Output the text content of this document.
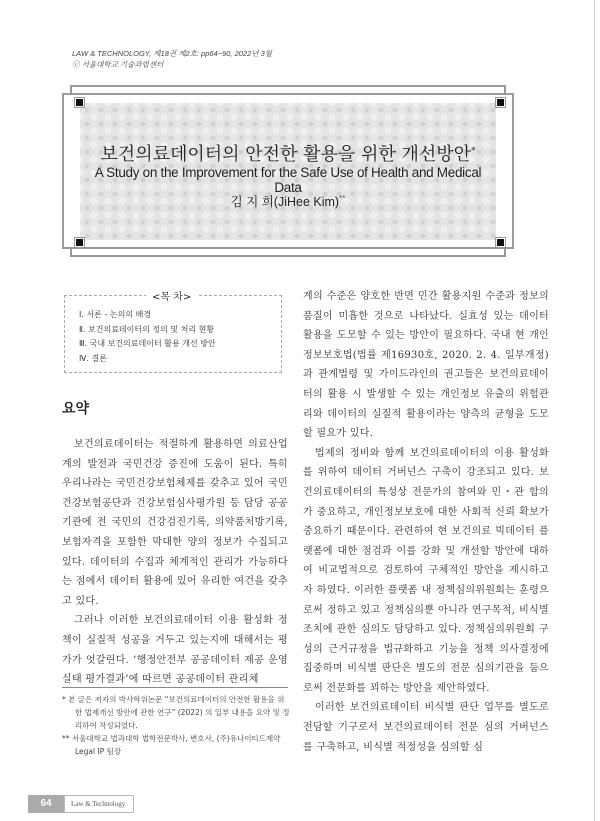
LAW & TECHNOLOGY, 제18권 제2호: pp64~90, 2022년 3월
ⓒ 서울대학교 기술과법센터
보건의료데이터의 안전한 활용을 위한 개선방안*
A Study on the Improvement for the Safe Use of Health and Medical Data
김 지 희(JiHee Kim)**
Ⅰ. 서론 - 논의의 배경
Ⅱ. 보건의료데이터의 정의 및 처리 현황
Ⅲ. 국내 보건의료데이터 활용 개선 방안
Ⅳ. 결론
<목 차>
요약

보건의료데이터는 적절하게 활용하면 의료산업계의 발전과 국민건강 증진에 도움이 된다. 특히 우리나라는 국민건강보험체제를 갖추고 있어 국민건강보험공단과 건강보험심사평가원 등 담당 공공기관에 전 국민의 건강검진기록, 의약품처방기록, 보험자격을 포함한 막대한 양의 정보가 수집되고 있다. 데이터의 수집과 체계적인 관리가 가능하다는 점에서 데이터 활용에 있어 유리한 여건을 갖추고 있다.

그러나 이러한 보건의료데이터 이용 활성화 정책이 실질적 성공을 거두고 있는지에 대해서는 평가가 엇갈린다. ‘행정안전부 공공데이터 제공 운영실태 평가결과’에 따르면 공공데이터 관리체

계의 수준은 양호한 반면 민간 활용지원 수준과 정보의 품질이 미흡한 것으로 나타났다. 실효성 있는 데이터 활용을 도모할 수 있는 방안이 필요하다. 국내 현 개인정보보호법(법률 제16930호, 2020. 2. 4. 일부개정)과 관계법령 및 가이드라인의 권고들은 보건의료데이터의 활용 시 발생할 수 있는 개인정보 유출의 위험관리와 데이터의 실질적 활용이라는 양측의 균형을 도모할 필요가 있다.

법제의 정비와 함께 보건의료데이터의 이용 활성화를 위하여 데이터 거버넌스 구축이 강조되고 있다. 보건의료데이터의 특성상 전문가의 참여와 민・관 합의가 중요하고, 개인정보보호에 대한 사회적 신뢰 확보가 중요하기 때문이다. 관련하여 현 보건의료 빅데이터 플랫폼에 대한 점검과 이를 강화 및 개선할 방안에 대하여 비교법적으로 검토하여 구체적인 방안을 제시하고자 하였다. 이러한 플랫폼 내 정책심의위원회는 훈령으로써 정하고 있고 정책심의뿐 아니라 연구목적, 비식별조치에 관한 심의도 담당하고 있다. 정책심의위원회 구성의 근거규정을 법규화하고 기능을 정책 의사결정에 집중하며 비식별 판단은 별도의 전문 심의기관을 둠으로써 전문화를 꾀하는 방안을 제안하였다.

이러한 보건의료데이터 비식별 판단 업무를 별도로 전담할 기구로서 보건의료데이터 전문 심의 거버넌스를 구축하고, 비식별 적정성을 심의할 심

* 본 글은 저자의 박사학위논문 “보건의료데이터의 안전한 활용을 위한 법제개선 방안에 관한 연구” (2022) 의 일부 내용을 요약 및 정리하여 작성되었다.
** 서울대학교 법과대학 법학전문박사, 변호사, (주)유나이티드제약 Legal IP 팀장
64	Law & Technology
